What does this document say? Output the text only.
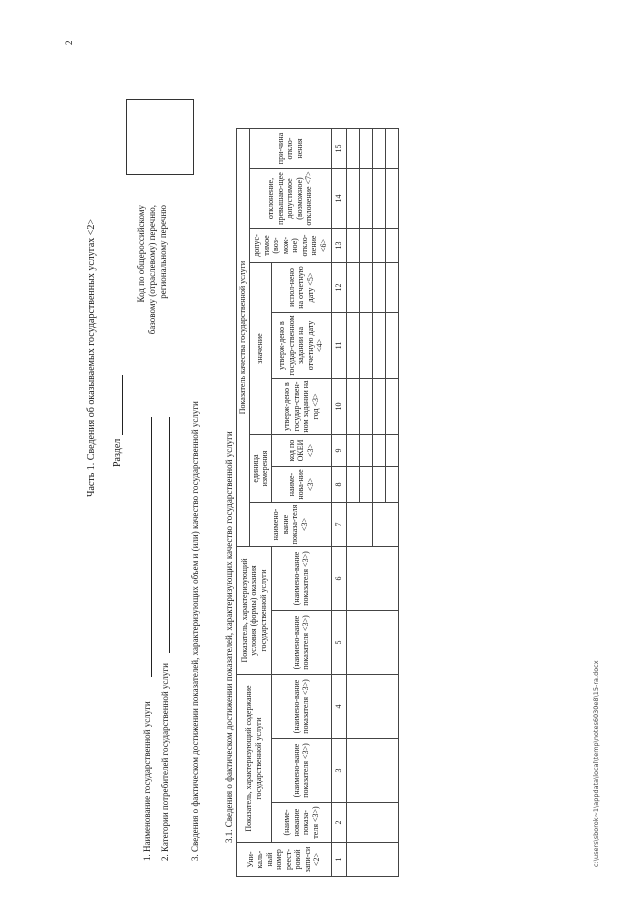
2
Часть 1. Сведения об оказываемых государственных услугах <2> Раздел
Код по общероссийскому базовому (отраслевому) перечню, региональному перечню
1. Наименование государственной услуги 2. Категории потребителей государственной услуги 3. Сведения о фактическом достижении показателей, характеризующих объем и (или) качество государственной услуги	3.1. Сведения о фактическом достижении показателей, характеризующих качество государственной услуги
Уни-каль-ный номер реест-ровой запи-си <2>	Показатель, характеризующий содержание государственной услуги			Показатель, характеризующий условия (формы) оказания государственной услуги		Показатель качества государственной услуги								
						наимено-вание показа-теля <3>	единица измерения		значение			допус-тимое (воз-мож-ное) откло-нение <6>	отклонение, превышаю-щее допустимое (возможное) отклонение <7>	при-чина откло-нения
	(наиме-нование показа-теля <3>)	(наимено-вание показателя <3>)	(наимено-вание показателя <3>)	(наимено-вание показателя <3>)	(наимено-вание показателя <3>)		наиме-нова-ние <3>	код по ОКЕИ <3>	утверж-дено в государ-ствен-ном задании на год <3>	утверж-дено в государ-ственном задании на отчетную дату <4>	испол-нено на отчетную дату <5>			

1	2	3	4	5	6	7	8	9	10	11	12	13	14	15

c:\users\sborok~1\appdata\local\temp\notes6030e8\15-ra.docx
